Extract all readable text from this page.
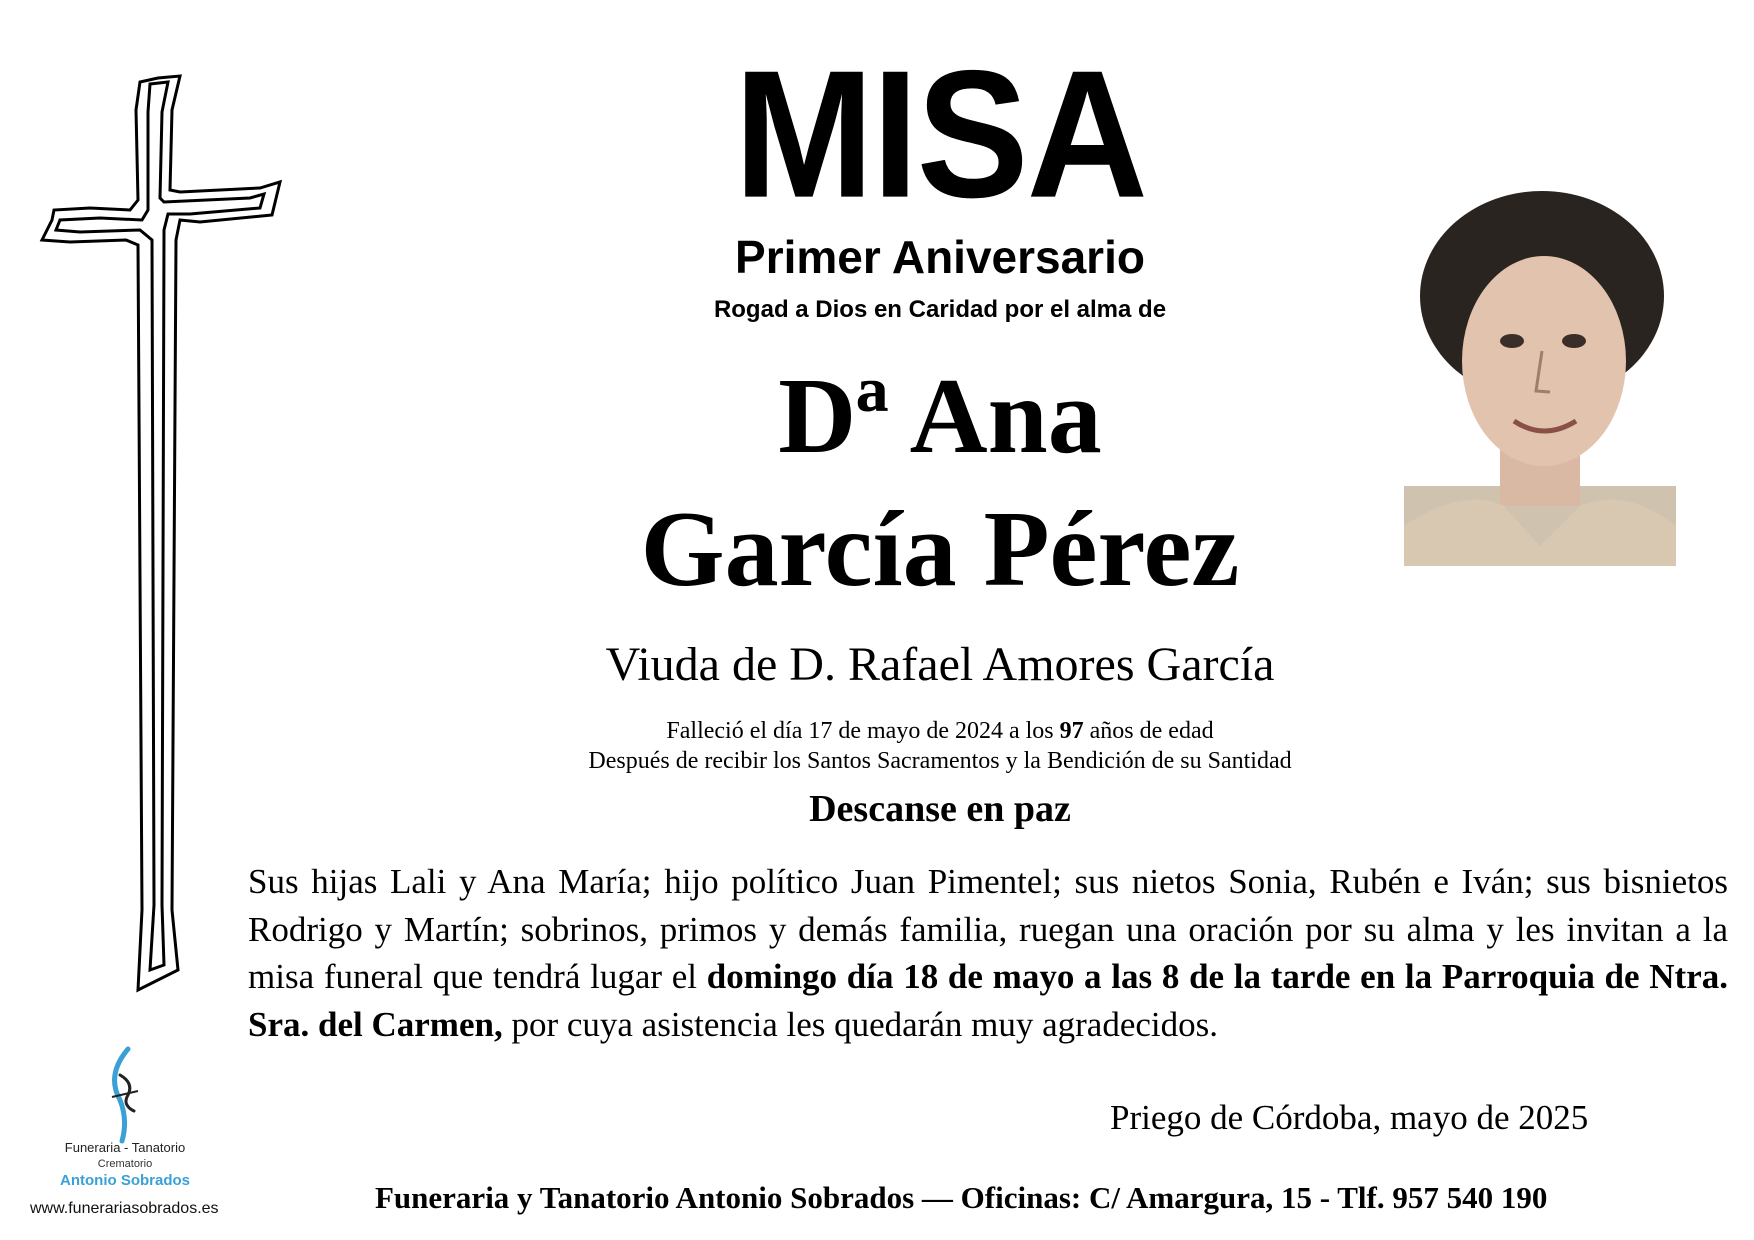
MISA
Primer Aniversario
Rogad a Dios en Caridad por el alma de
Dª Ana
García Pérez
Viuda de D. Rafael Amores García
Falleció el día 17 de mayo de 2024 a los 97 años de edad
Después de recibir los Santos Sacramentos y la Bendición de su Santidad
Descanse en paz
Sus hijas Lali y Ana María; hijo político Juan Pimentel; sus nietos Sonia, Rubén e Iván; sus bisnietos Rodrigo y Martín; sobrinos, primos y demás familia, ruegan una oración por su alma y les invitan a la misa funeral que tendrá lugar el domingo día 18 de mayo a las 8 de la tarde en la Parroquia de Ntra. Sra. del Carmen, por cuya asistencia les quedarán muy agradecidos.
Priego de Córdoba, mayo de 2025
Funeraria y Tanatorio Antonio Sobrados — Oficinas: C/ Amargura, 15 - Tlf. 957 540 190
Funeraria - Tanatorio
Crematorio
Antonio Sobrados
www.funerariasobrados.es
